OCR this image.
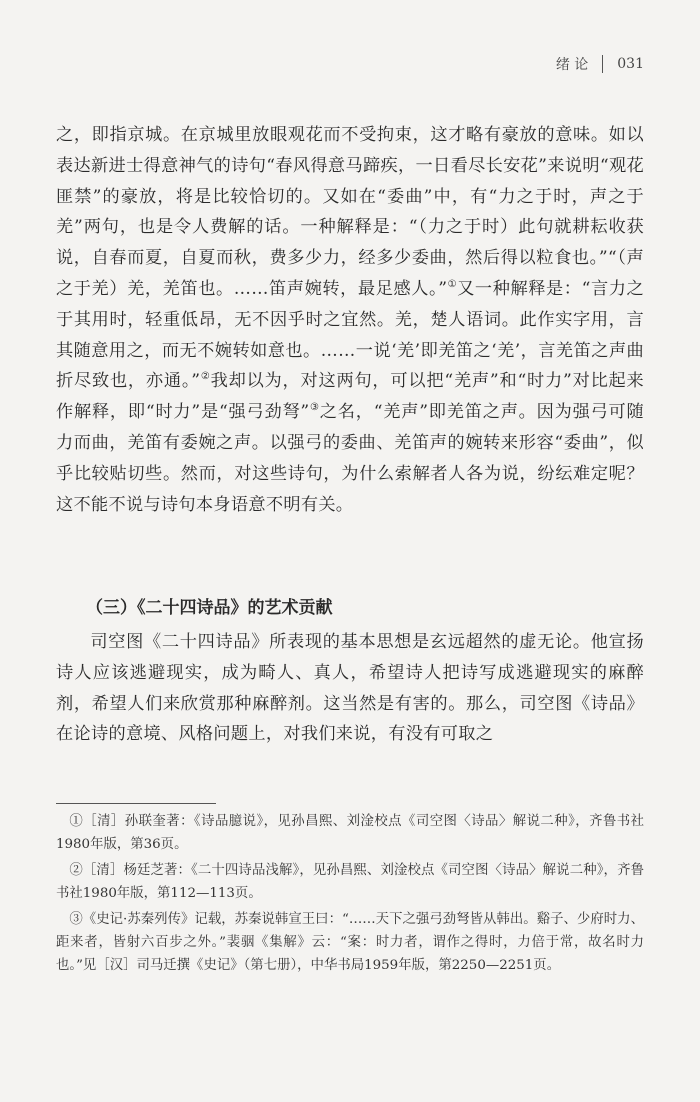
绪 论 031

之，即指京城。在京城里放眼观花而不受拘束，这才略有豪放的意味。如以表达新进士得意神气的诗句“春风得意马蹄疾，一日看尽长安花”来说明“观花匪禁”的豪放，将是比较恰切的。又如在“委曲”中，有“力之于时，声之于羌”两句，也是令人费解的话。一种解释是：“（力之于时）此句就耕耘收获说，自春而夏，自夏而秋，费多少力，经多少委曲，然后得以粒食也。”“（声之于羌）羌，羌笛也。……笛声婉转，最足感人。”①又一种解释是：“言力之于其用时，轻重低昂，无不因乎时之宜然。羌，楚人语词。此作实字用，言其随意用之，而无不婉转如意也。……一说‘羌’即羌笛之‘羌’，言羌笛之声曲折尽致也，亦通。”②我却以为，对这两句，可以把“羌声”和“时力”对比起来作解释，即“时力”是“强弓劲弩”③之名，“羌声”即羌笛之声。因为强弓可随力而曲，羌笛有委婉之声。以强弓的委曲、羌笛声的婉转来形容“委曲”，似乎比较贴切些。然而，对这些诗句，为什么索解者人各为说，纷纭难定呢？这不能不说与诗句本身语意不明有关。

（三）《二十四诗品》的艺术贡献

司空图《二十四诗品》所表现的基本思想是玄远超然的虚无论。他宣扬诗人应该逃避现实，成为畸人、真人，希望诗人把诗写成逃避现实的麻醉剂，希望人们来欣赏那种麻醉剂。这当然是有害的。那么，司空图《诗品》在论诗的意境、风格问题上，对我们来说，有没有可取之

①［清］孙联奎著：《诗品臆说》，见孙昌熙、刘淦校点《司空图〈诗品〉解说二种》，齐鲁书社1980年版，第36页。

②［清］杨廷芝著：《二十四诗品浅解》，见孙昌熙、刘淦校点《司空图〈诗品〉解说二种》，齐鲁书社1980年版，第112—113页。

③《史记·苏秦列传》记载，苏秦说韩宣王曰：“……天下之强弓劲弩皆从韩出。谿子、少府时力、距来者，皆射六百步之外。”裴骃《集解》云：“案：时力者，谓作之得时，力倍于常，故名时力也。”见［汉］司马迁撰《史记》（第七册），中华书局1959年版，第2250—2251页。
